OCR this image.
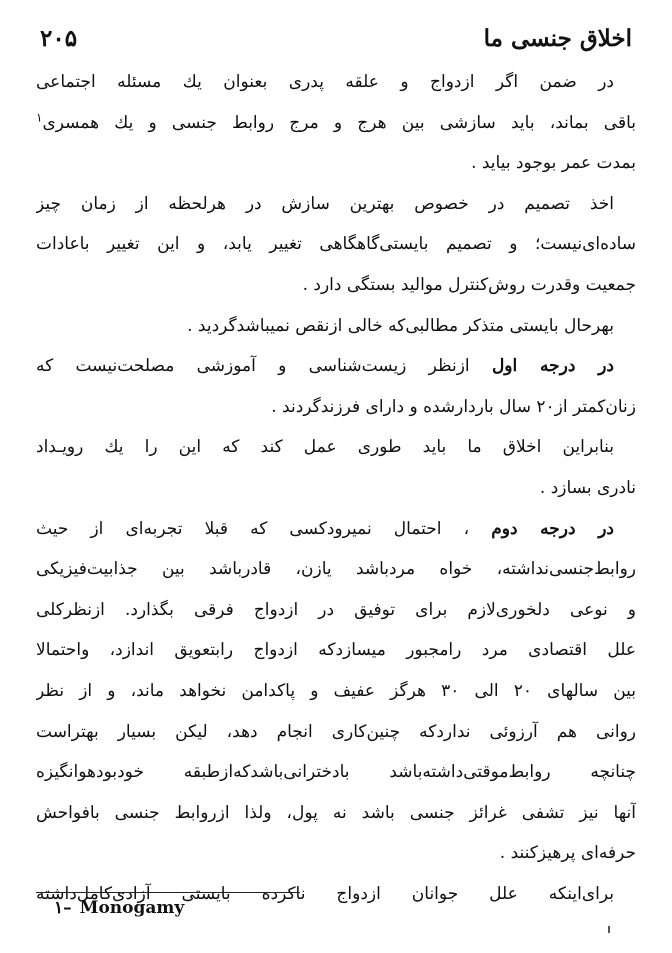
۲۰۵	اخلاق جنسی ما
در ضمن اگر ازدواج و علقه پدری بعنوان یك مسئله اجتماعی
باقی بماند، باید سازشی بین هرج و مرج روابط جنسی و یك همسری$^۱$
بمدت عمر بوجود بیاید .
اخذ تصمیم در خصوص بهترین سازش در هرلحظه از زمان چیز
ساده‌ای‌نیست؛ و تصمیم بایستی‌گاهگاهی تغییر یابد، و این تغییر باعادات
جمعیت وقدرت روش‌کنترل موالید بستگی دارد .
بهرحال بایستی متذکر مطالبی‌که خالی ازنقص نمیباشدگردید .
در درجه اول ازنظر زیست‌شناسی و آموزشی مصلحت‌نیست که
زنان‌کمتر از۲۰ سال باردارشده و دارای فرزندگردند .
بنابراین اخلاق ما باید طوری عمل کند که این را یك رویـداد
نادری بسازد .
در درجه دوم ، احتمال نمیرودکسی که قبلا تجربه‌ای از حیث
روابط‌جنسی‌نداشته، خواه مردباشد یازن، قادرباشد بین جذابیت‌فیزیکی
و نوعی دلخوری‌لازم برای توفیق در ازدواج فرقی بگذارد. ازنظرکلی
علل اقتصادی مرد رامجبور میسازدکه ازدواج رابتعویق اندازد، واحتمالا
بین سالهای ۲۰ الی ۳۰ هرگز عفیف و پاکدامن نخواهد ماند، و از نظر
روانی هم آرزوئی ندارد‌که چنین‌کاری انجام دهد، لیکن بسیار بهتراست
چنانچه روابط‌موقتی‌داشته‌باشد بادخترانی‌باشدکه‌ازطبقه خودبودهوانگیزه
آنها نیز تشفی غرائز جنسی باشد نه پول، ولذا ازروابط جنسی بافواحش
حرفه‌ای پرهیزکنند .
برای‌اینکه علل جوانان ازدواج ناکرده بایستی آزادی‌کامل‌داشته
۱– Monogamy
